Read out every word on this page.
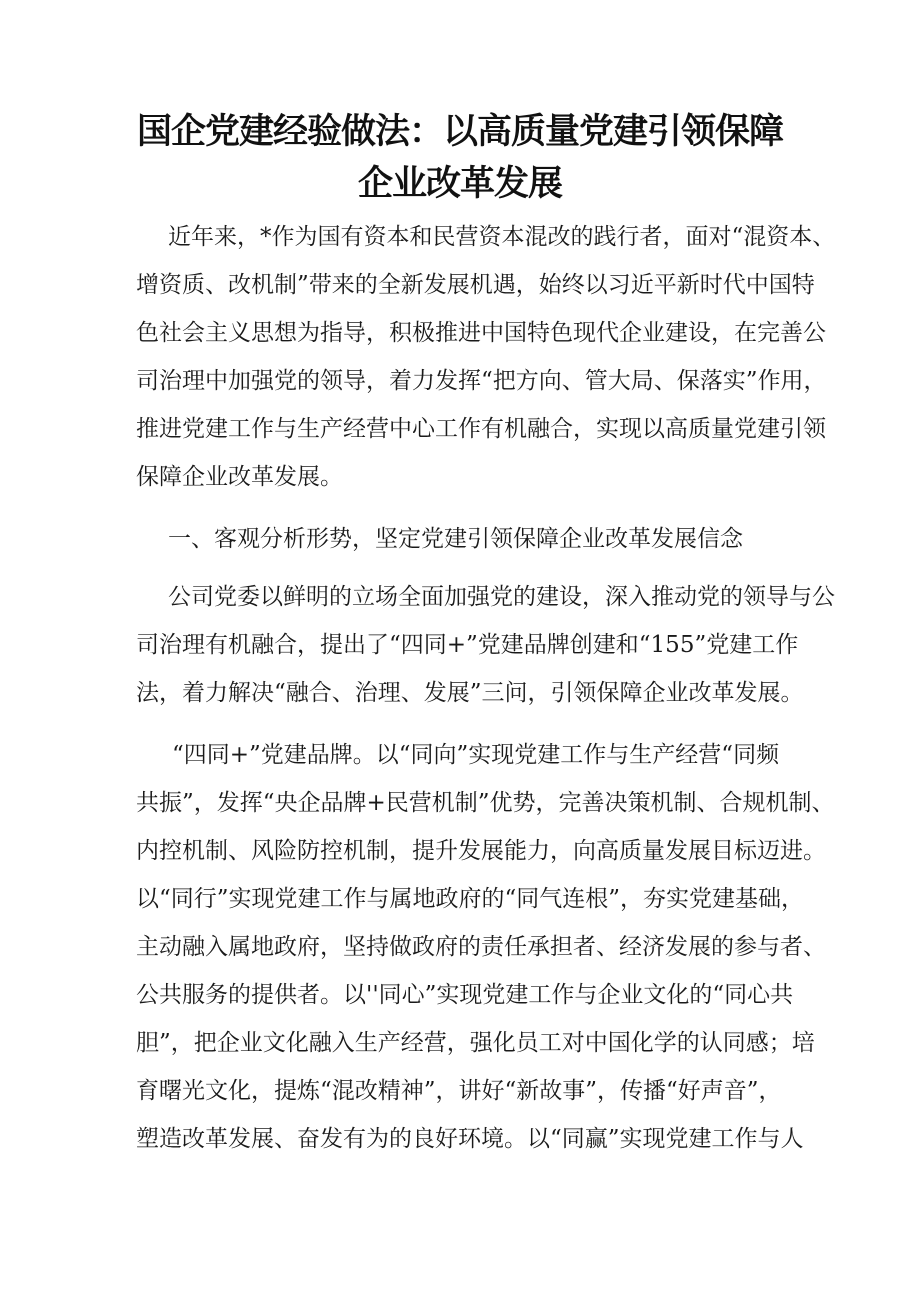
国企党建经验做法：以高质量党建引领保障
企业改革发展

近年来，*作为国有资本和民营资本混改的践行者，面对“混资本、

增资质、改机制”带来的全新发展机遇，始终以习近平新时代中国特

色社会主义思想为指导，积极推进中国特色现代企业建设，在完善公

司治理中加强党的领导，着力发挥“把方向、管大局、保落实”作用，

推进党建工作与生产经营中心工作有机融合，实现以高质量党建引领

保障企业改革发展。

一、客观分析形势，坚定党建引领保障企业改革发展信念

公司党委以鲜明的立场全面加强党的建设，深入推动党的领导与公

司治理有机融合，提出了“四同+”党建品牌创建和“155”党建工作

法，着力解决“融合、治理、发展”三问，引领保障企业改革发展。

“四同+”党建品牌。以“同向”实现党建工作与生产经营“同频

共振”，发挥“央企品牌+民营机制”优势，完善决策机制、合规机制、

内控机制、风险防控机制，提升发展能力，向高质量发展目标迈进。

以“同行”实现党建工作与属地政府的“同气连根”，夯实党建基础，

主动融入属地政府，坚持做政府的责任承担者、经济发展的参与者、

公共服务的提供者。以''同心”实现党建工作与企业文化的“同心共

胆”，把企业文化融入生产经营，强化员工对中国化学的认同感；培

育曙光文化，提炼“混改精神”，讲好“新故事”，传播“好声音”，

塑造改革发展、奋发有为的良好环境。以“同赢”实现党建工作与人
